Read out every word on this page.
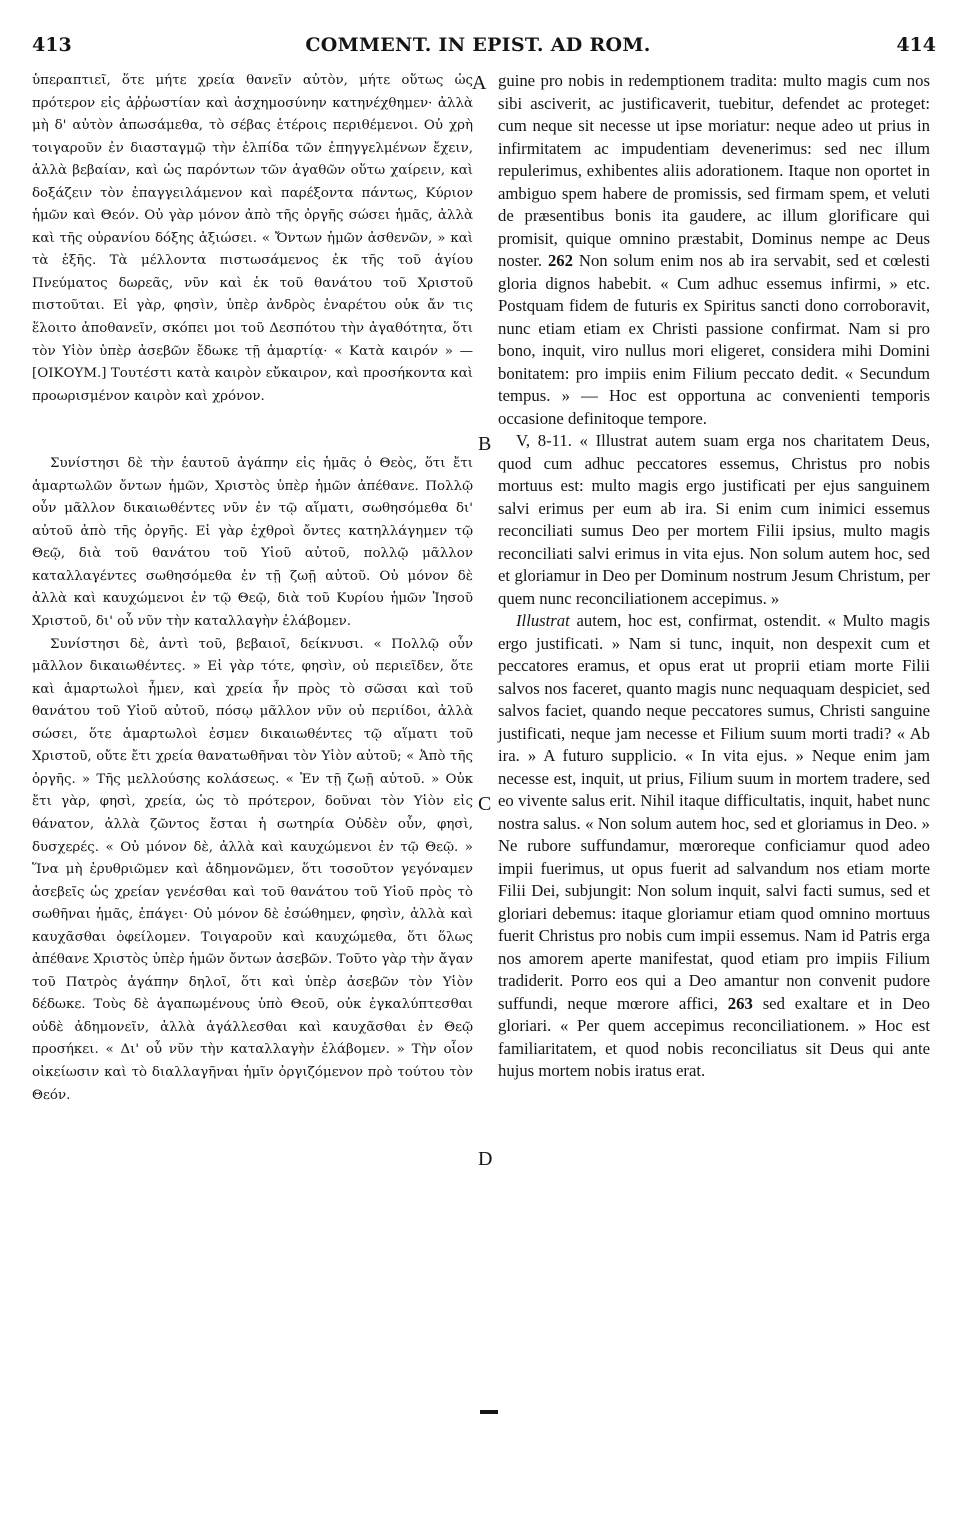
413	COMMENT. IN EPIST. AD ROM.	414

ὑπεραπτιεῖ, ὅτε μήτε χρεία θανεῖν αὐτὸν, μήτε οὕτως ὡς πρότερον εἰς ἀῤῥωστίαν καὶ ἀσχημοσύνην κατηνέχθημεν· ἀλλὰ μὴ δ' αὐτὸν ἀπωσάμεθα, τὸ σέβας ἑτέροις περιθέμενοι. Οὐ χρὴ τοιγαροῦν ἐν διασταγμῷ τὴν ἐλπίδα τῶν ἐπηγγελμένων ἔχειν, ἀλλὰ βεβαίαν, καὶ ὡς παρόντων τῶν ἀγαθῶν οὕτω χαίρειν, καὶ δοξάζειν τὸν ἐπαγγειλάμενον καὶ παρέξοντα πάντως, Κύριον ἡμῶν καὶ Θεόν. Οὐ γὰρ μόνον ἀπὸ τῆς ὀργῆς σώσει ἡμᾶς, ἀλλὰ καὶ τῆς οὐρανίου δόξης ἀξιώσει. « Ὄντων ἡμῶν ἀσθενῶν, » καὶ τὰ ἑξῆς. Τὰ μέλλοντα πιστωσάμενος ἐκ τῆς τοῦ ἁγίου Πνεύματος δωρεᾶς, νῦν καὶ ἐκ τοῦ θανάτου τοῦ Χριστοῦ πιστοῦται. Εἰ γὰρ, φησὶν, ὑπὲρ ἀνδρὸς ἐναρέτου οὐκ ἄν τις ἕλοιτο ἀποθανεῖν, σκόπει μοι τοῦ Δεσπότου τὴν ἀγαθότητα, ὅτι τὸν Υἱὸν ὑπὲρ ἀσεβῶν ἔδωκε τῇ ἁμαρτίᾳ· « Κατὰ καιρόν » — [ΟΙΚΟΥΜ.] Τουτέστι κατὰ καιρὸν εὔκαιρον, καὶ προσήκοντα καὶ προωρισμένον καιρὸν καὶ χρόνον.

Συνίστησι δὲ τὴν ἑαυτοῦ ἀγάπην εἰς ἡμᾶς ὁ Θεὸς, ὅτι ἔτι ἁμαρτωλῶν ὄντων ἡμῶν, Χριστὸς ὑπὲρ ἡμῶν ἀπέθανε. Πολλῷ οὖν μᾶλλον δικαιωθέντες νῦν ἐν τῷ αἵματι, σωθησόμεθα δι' αὐτοῦ ἀπὸ τῆς ὀργῆς. Εἰ γὰρ ἐχθροὶ ὄντες κατηλλάγημεν τῷ Θεῷ, διὰ τοῦ θανάτου τοῦ Υἱοῦ αὐτοῦ, πολλῷ μᾶλλον καταλλαγέντες σωθησόμεθα ἐν τῇ ζωῇ αὐτοῦ. Οὐ μόνον δὲ ἀλλὰ καὶ καυχώμενοι ἐν τῷ Θεῷ, διὰ τοῦ Κυρίου ἡμῶν Ἰησοῦ Χριστοῦ, δι' οὗ νῦν τὴν καταλλαγὴν ἐλάβομεν.

Συνίστησι δὲ, ἀντὶ τοῦ, βεβαιοῖ, δείκνυσι. « Πολλῷ οὖν μᾶλλον δικαιωθέντες. » Εἰ γὰρ τότε, φησὶν, οὐ περιεῖδεν, ὅτε καὶ ἁμαρτωλοὶ ἦμεν, καὶ χρεία ἦν πρὸς τὸ σῶσαι καὶ τοῦ θανάτου τοῦ Υἱοῦ αὐτοῦ, πόσῳ μᾶλλον νῦν οὐ περιίδοι, ἀλλὰ σώσει, ὅτε ἁμαρτωλοὶ ἐσμεν δικαιωθέντες τῷ αἵματι τοῦ Χριστοῦ, οὔτε ἔτι χρεία θανατωθῆναι τὸν Υἱὸν αὐτοῦ; « Ἀπὸ τῆς ὀργῆς. » Τῆς μελλούσης κολάσεως. « Ἐν τῇ ζωῇ αὐτοῦ. » Οὐκ ἔτι γὰρ, φησὶ, χρεία, ὡς τὸ πρότερον, δοῦναι τὸν Υἱὸν εἰς θάνατον, ἀλλὰ ζῶντος ἔσται ἡ σωτηρία Οὐδὲν οὖν, φησὶ, δυσχερές. « Οὐ μόνον δὲ, ἀλλὰ καὶ καυχώμενοι ἐν τῷ Θεῷ. » Ἵνα μὴ ἐρυθριῶμεν καὶ ἀδημονῶμεν, ὅτι τοσοῦτον γεγόναμεν ἀσεβεῖς ὡς χρείαν γενέσθαι καὶ τοῦ θανάτου τοῦ Υἱοῦ πρὸς τὸ σωθῆναι ἡμᾶς, ἐπάγει· Οὐ μόνον δὲ ἐσώθημεν, φησὶν, ἀλλὰ καὶ καυχᾶσθαι ὀφείλομεν. Τοιγαροῦν καὶ καυχώμεθα, ὅτι ὅλως ἀπέθανε Χριστὸς ὑπὲρ ἡμῶν ὄντων ἀσεβῶν. Τοῦτο γὰρ τὴν ἄγαν τοῦ Πατρὸς ἀγάπην δηλοῖ, ὅτι καὶ ὑπὲρ ἀσεβῶν τὸν Υἱὸν δέδωκε. Τοὺς δὲ ἀγαπωμένους ὑπὸ Θεοῦ, οὐκ ἐγκαλύπτεσθαι οὐδὲ ἀδημονεῖν, ἀλλὰ ἀγάλλεσθαι καὶ καυχᾶσθαι ἐν Θεῷ προσήκει. « Δι' οὗ νῦν τὴν καταλλαγὴν ἐλάβομεν. » Τὴν οἷον οἰκείωσιν καὶ τὸ διαλλαγῆναι ἡμῖν ὀργιζόμενον πρὸ τούτου τὸν Θεόν.

guine pro nobis in redemptionem tradita: multo magis cum nos sibi asciverit, ac justificaverit, tuebitur, defendet ac proteget: cum neque sit necesse ut ipse moriatur: neque adeo ut prius in infirmitatem ac impudentiam devenerimus: sed nec illum repulerimus, exhibentes aliis adorationem. Itaque non oportet in ambiguo spem habere de promissis, sed firmam spem, et veluti de præsentibus bonis ita gaudere, ac illum glorificare qui promisit, quique omnino præstabit, Dominus nempe ac Deus noster. 262 Non solum enim nos ab ira servabit, sed et cœlesti gloria dignos habebit. « Cum adhuc essemus infirmi, » etc. Postquam fidem de futuris ex Spiritus sancti dono corroboravit, nunc etiam etiam ex Christi passione confirmat. Nam si pro bono, inquit, viro nullus mori eligeret, considera mihi Domini bonitatem: pro impiis enim Filium peccato dedit. « Secundum tempus. » — Hoc est opportuna ac convenienti temporis occasione definitoque tempore.

V, 8-11. « Illustrat autem suam erga nos charitatem Deus, quod cum adhuc peccatores essemus, Christus pro nobis mortuus est: multo magis ergo justificati per ejus sanguinem salvi erimus per eum ab ira. Si enim cum inimici essemus reconciliati sumus Deo per mortem Filii ipsius, multo magis reconciliati salvi erimus in vita ejus. Non solum autem hoc, sed et gloriamur in Deo per Dominum nostrum Jesum Christum, per quem nunc reconciliationem accepimus. »

Illustrat autem, hoc est, confirmat, ostendit. « Multo magis ergo justificati. » Nam si tunc, inquit, non despexit cum et peccatores eramus, et opus erat ut proprii etiam morte Filii salvos nos faceret, quanto magis nunc nequaquam despiciet, sed salvos faciet, quando neque peccatores sumus, Christi sanguine justificati, neque jam necesse et Filium suum morti tradi? « Ab ira. » A futuro supplicio. « In vita ejus. » Neque enim jam necesse est, inquit, ut prius, Filium suum in mortem tradere, sed eo vivente salus erit. Nihil itaque difficultatis, inquit, habet nunc nostra salus. « Non solum autem hoc, sed et gloriamus in Deo. » Ne rubore suffundamur, mœroreque conficiamur quod adeo impii fuerimus, ut opus fuerit ad salvandum nos etiam morte Filii Dei, subjungit: Non solum inquit, salvi facti sumus, sed et gloriari debemus: itaque gloriamur etiam quod omnino mortuus fuerit Christus pro nobis cum impii essemus. Nam id Patris erga nos amorem aperte manifestat, quod etiam pro impiis Filium tradiderit. Porro eos qui a Deo amantur non convenit pudore suffundi, neque mœrore affici, 263 sed exaltare et in Deo gloriari. « Per quem accepimus reconciliationem. » Hoc est familiaritatem, et quod nobis reconciliatus sit Deus qui ante hujus mortem nobis iratus erat.

A
B
C
D
